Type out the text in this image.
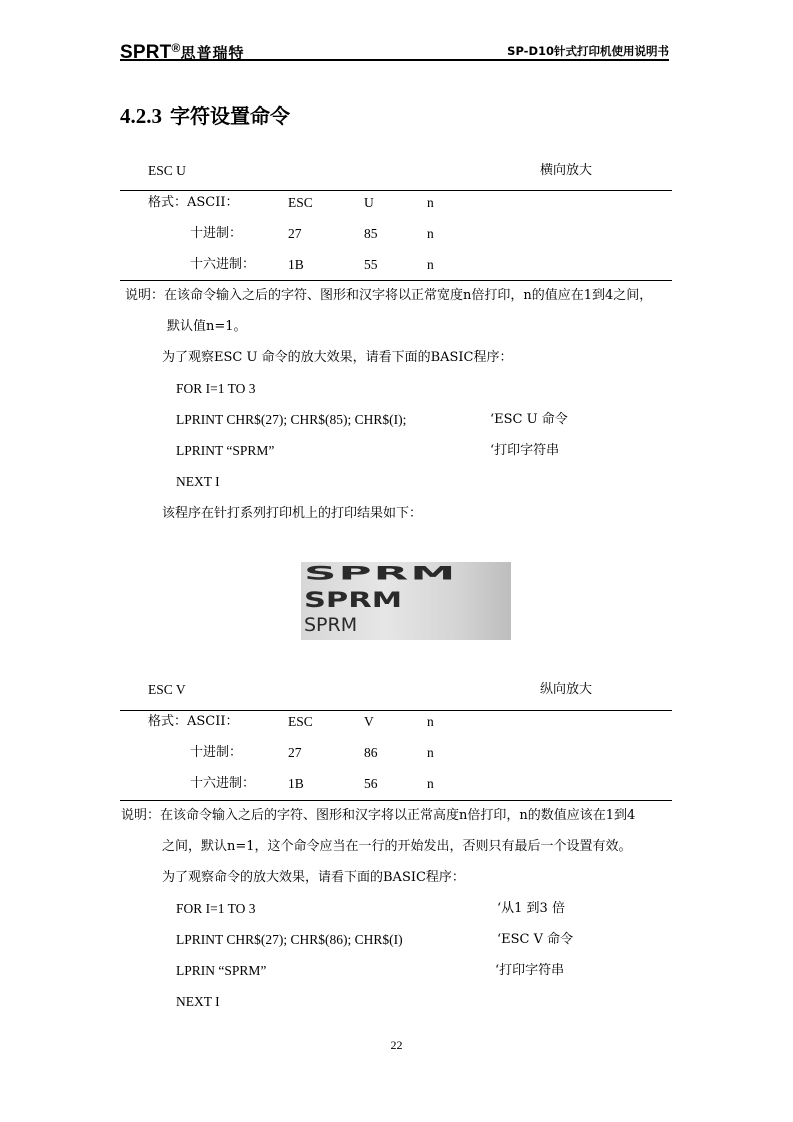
SPRT®思普瑞特	SP-D10针式打印机使用说明书
4.2.3 字符设置命令
ESC U	横向放大
格式：ASCII：	ESC	U	n
十进制：	27	85	n
十六进制： 1B	55	n
说明：在该命令输入之后的字符、图形和汉字将以正常宽度n倍打印，n的值应在1到4之间，
默认值n=1。
为了观察ESC U 命令的放大效果，请看下面的BASIC程序：
FOR I=1 TO 3
LPRINT CHR$(27); CHR$(85); CHR$(I);	‘ESC U 命令
LPRINT “SPRM”	‘打印字符串
NEXT I
该程序在针打系列打印机上的打印结果如下：
SPRM
SPRM
SPRM
ESC V	纵向放大
格式：ASCII：	ESC	V	n
十进制：	27	86	n
十六进制： 1B	56	n
说明：在该命令输入之后的字符、图形和汉字将以正常高度n倍打印，n的数值应该在1到4
之间，默认n=1，这个命令应当在一行的开始发出，否则只有最后一个设置有效。
为了观察命令的放大效果，请看下面的BASIC程序：
FOR I=1 TO 3	‘从1 到3 倍
LPRINT CHR$(27); CHR$(86); CHR$(I)	‘ESC V 命令
LPRIN “SPRM”	‘打印字符串
NEXT I
22
